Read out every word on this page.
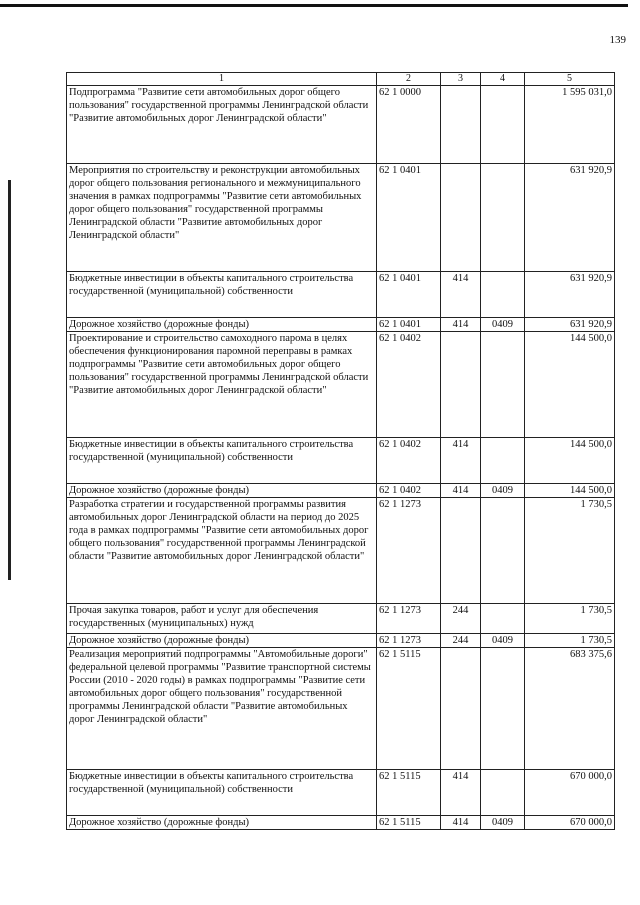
139
1	2	3	4	5
Подпрограмма "Развитие сети автомобильных дорог общего пользования" государственной программы Ленинградской области "Развитие автомобильных дорог Ленинградской области"	62 1 0000			1 595 031,0
Мероприятия по строительству и реконструкции автомобильных дорог общего пользования регионального и межмуниципального значения в рамках подпрограммы "Развитие сети автомобильных дорог общего пользования" государственной программы Ленинградской области "Развитие автомобильных дорог Ленинградской области"	62 1 0401			631 920,9
Бюджетные инвестиции в объекты капитального строительства государственной (муниципальной) собственности	62 1 0401	414		631 920,9
Дорожное хозяйство (дорожные фонды)	62 1 0401	414	0409	631 920,9
Проектирование и строительство самоходного парома в целях обеспечения функционирования паромной переправы в рамках подпрограммы "Развитие сети автомобильных дорог общего пользования" государственной программы Ленинградской области "Развитие автомобильных дорог Ленинградской области"	62 1 0402			144 500,0
Бюджетные инвестиции в объекты капитального строительства государственной (муниципальной) собственности	62 1 0402	414		144 500,0
Дорожное хозяйство (дорожные фонды)	62 1 0402	414	0409	144 500,0
Разработка стратегии и государственной программы развития автомобильных дорог Ленинградской области на период до 2025 года в рамках подпрограммы "Развитие сети автомобильных дорог общего пользования" государственной программы Ленинградской области "Развитие автомобильных дорог Ленинградской области"	62 1 1273			1 730,5
Прочая закупка товаров, работ и услуг для обеспечения государственных (муниципальных) нужд	62 1 1273	244		1 730,5
Дорожное хозяйство (дорожные фонды)	62 1 1273	244	0409	1 730,5
Реализация мероприятий подпрограммы "Автомобильные дороги" федеральной целевой программы "Развитие транспортной системы России (2010 - 2020 годы) в рамках подпрограммы "Развитие сети автомобильных дорог общего пользования" государственной программы Ленинградской области "Развитие автомобильных дорог Ленинградской области"	62 1 5115			683 375,6
Бюджетные инвестиции в объекты капитального строительства государственной (муниципальной) собственности	62 1 5115	414		670 000,0
Дорожное хозяйство (дорожные фонды)	62 1 5115	414	0409	670 000,0
